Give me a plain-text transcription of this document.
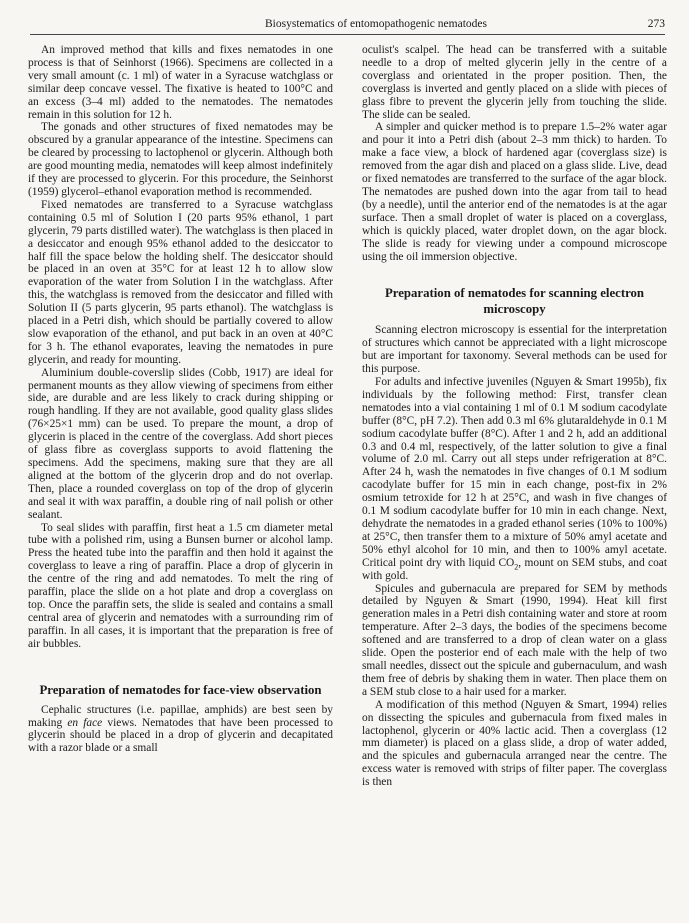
Biosystematics of entomopathogenic nematodes	273

An improved method that kills and fixes nematodes in one process is that of Seinhorst (1966). Specimens are collected in a very small amount (c. 1 ml) of water in a Syracuse watchglass or similar deep concave vessel. The fixative is heated to 100°C and an excess (3–4 ml) added to the nematodes. The nematodes remain in this solution for 12 h.

The gonads and other structures of fixed nematodes may be obscured by a granular appearance of the intestine. Specimens can be cleared by processing to lactophenol or glycerin. Although both are good mounting media, nematodes will keep almost indefinitely if they are processed to glycerin. For this procedure, the Seinhorst (1959) glycerol–ethanol evaporation method is recommended.

Fixed nematodes are transferred to a Syracuse watchglass containing 0.5 ml of Solution I (20 parts 95% ethanol, 1 part glycerin, 79 parts distilled water). The watchglass is then placed in a desiccator and enough 95% ethanol added to the desiccator to half fill the space below the holding shelf. The desiccator should be placed in an oven at 35°C for at least 12 h to allow slow evaporation of the water from Solution I in the watchglass. After this, the watchglass is removed from the desiccator and filled with Solution II (5 parts glycerin, 95 parts ethanol). The watchglass is placed in a Petri dish, which should be partially covered to allow slow evaporation of the ethanol, and put back in an oven at 40°C for 3 h. The ethanol evaporates, leaving the nematodes in pure glycerin, and ready for mounting.

Aluminium double-coverslip slides (Cobb, 1917) are ideal for permanent mounts as they allow viewing of specimens from either side, are durable and are less likely to crack during shipping or rough handling. If they are not available, good quality glass slides (76×25×1 mm) can be used. To prepare the mount, a drop of glycerin is placed in the centre of the coverglass. Add short pieces of glass fibre as coverglass supports to avoid flattening the specimens. Add the specimens, making sure that they are all aligned at the bottom of the glycerin drop and do not overlap. Then, place a rounded coverglass on top of the drop of glycerin and seal it with wax paraffin, a double ring of nail polish or other sealant.

To seal slides with paraffin, first heat a 1.5 cm diameter metal tube with a polished rim, using a Bunsen burner or alcohol lamp. Press the heated tube into the paraffin and then hold it against the coverglass to leave a ring of paraffin. Place a drop of glycerin in the centre of the ring and add nematodes. To melt the ring of paraffin, place the slide on a hot plate and drop a coverglass on top. Once the paraffin sets, the slide is sealed and contains a small central area of glycerin and nematodes with a surrounding rim of paraffin. In all cases, it is important that the preparation is free of air bubbles.

Preparation of nematodes for face-view observation

Cephalic structures (i.e. papillae, amphids) are best seen by making en face views. Nematodes that have been processed to glycerin should be placed in a drop of glycerin and decapitated with a razor blade or a small

oculist's scalpel. The head can be transferred with a suitable needle to a drop of melted glycerin jelly in the centre of a coverglass and orientated in the proper position. Then, the coverglass is inverted and gently placed on a slide with pieces of glass fibre to prevent the glycerin jelly from touching the slide. The slide can be sealed.

A simpler and quicker method is to prepare 1.5–2% water agar and pour it into a Petri dish (about 2–3 mm thick) to harden. To make a face view, a block of hardened agar (coverglass size) is removed from the agar dish and placed on a glass slide. Live, dead or fixed nematodes are transferred to the surface of the agar block. The nematodes are pushed down into the agar from tail to head (by a needle), until the anterior end of the nematodes is at the agar surface. Then a small droplet of water is placed on a coverglass, which is quickly placed, water droplet down, on the agar block. The slide is ready for viewing under a compound microscope using the oil immersion objective.

Preparation of nematodes for scanning electron microscopy

Scanning electron microscopy is essential for the interpretation of structures which cannot be appreciated with a light microscope but are important for taxonomy. Several methods can be used for this purpose.

For adults and infective juveniles (Nguyen & Smart 1995b), fix individuals by the following method: First, transfer clean nematodes into a vial containing 1 ml of 0.1 M sodium cacodylate buffer (8°C, pH 7.2). Then add 0.3 ml 6% glutaraldehyde in 0.1 M sodium cacodylate buffer (8°C). After 1 and 2 h, add an additional 0.3 and 0.4 ml, respectively, of the latter solution to give a final volume of 2.0 ml. Carry out all steps under refrigeration at 8°C. After 24 h, wash the nematodes in five changes of 0.1 M sodium cacodylate buffer for 15 min in each change, post-fix in 2% osmium tetroxide for 12 h at 25°C, and wash in five changes of 0.1 M sodium cacodylate buffer for 10 min in each change. Next, dehydrate the nematodes in a graded ethanol series (10% to 100%) at 25°C, then transfer them to a mixture of 50% amyl acetate and 50% ethyl alcohol for 10 min, and then to 100% amyl acetate. Critical point dry with liquid $CO_2$, mount on SEM stubs, and coat with gold.

Spicules and gubernacula are prepared for SEM by methods detailed by Nguyen & Smart (1990, 1994). Heat kill first generation males in a Petri dish containing water and store at room temperature. After 2–3 days, the bodies of the specimens become softened and are transferred to a drop of clean water on a glass slide. Open the posterior end of each male with the help of two small needles, dissect out the spicule and gubernaculum, and wash them free of debris by shaking them in water. Then place them on a SEM stub close to a hair used for a marker.

A modification of this method (Nguyen & Smart, 1994) relies on dissecting the spicules and gubernacula from fixed males in lactophenol, glycerin or 40% lactic acid. Then a coverglass (12 mm diameter) is placed on a glass slide, a drop of water added, and the spicules and gubernacula arranged near the centre. The excess water is removed with strips of filter paper. The coverglass is then
